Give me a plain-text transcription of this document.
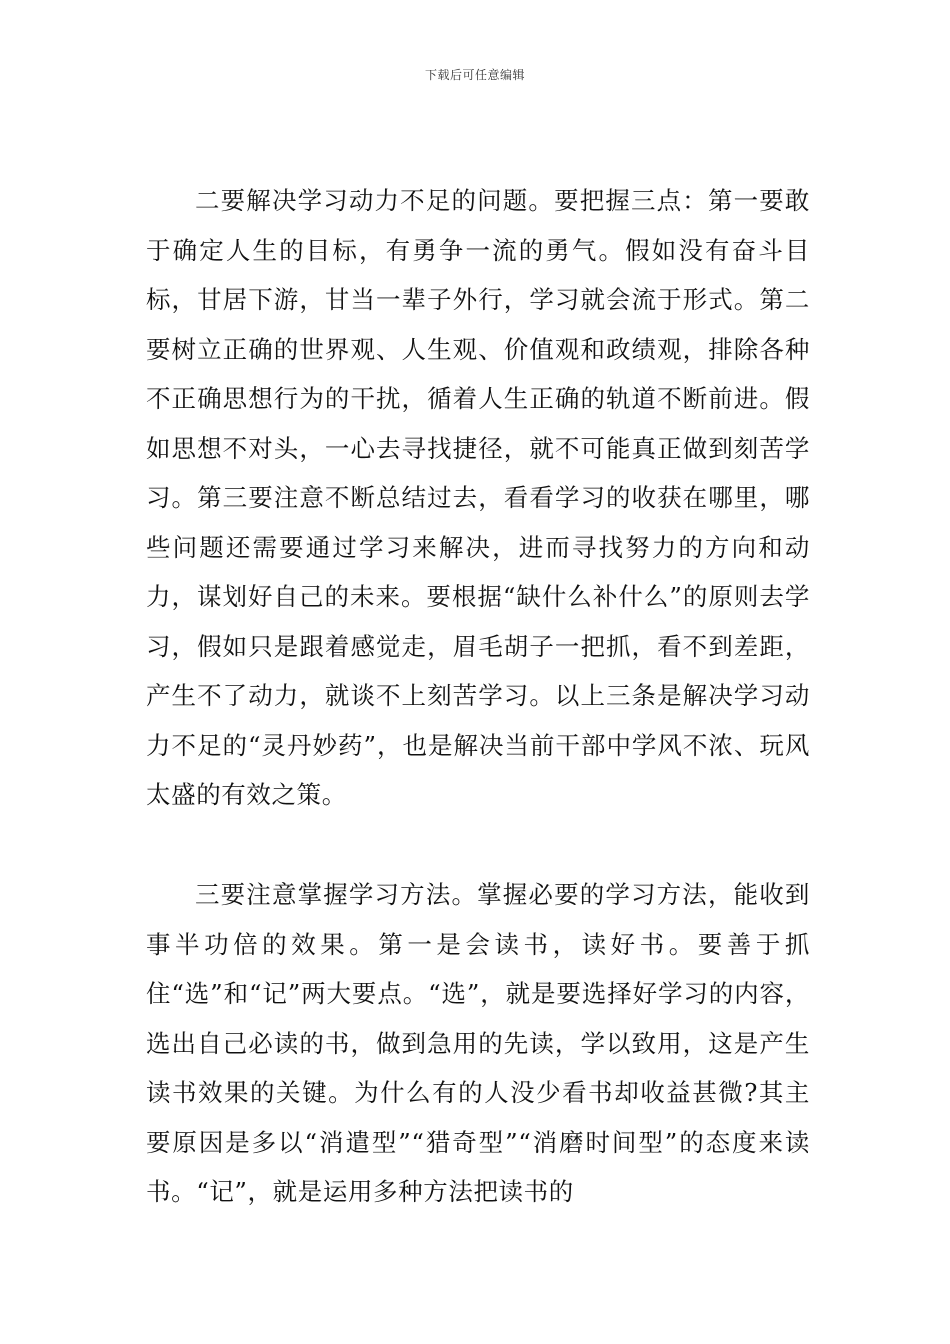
下载后可任意编辑

二要解决学习动力不足的问题。要把握三点：第一要敢于确定人生的目标，有勇争一流的勇气。假如没有奋斗目标，甘居下游，甘当一辈子外行，学习就会流于形式。第二要树立正确的世界观、人生观、价值观和政绩观，排除各种不正确思想行为的干扰，循着人生正确的轨道不断前进。假如思想不对头，一心去寻找捷径，就不可能真正做到刻苦学习。第三要注意不断总结过去，看看学习的收获在哪里，哪些问题还需要通过学习来解决，进而寻找努力的方向和动力，谋划好自己的未来。要根据“缺什么补什么”的原则去学习，假如只是跟着感觉走，眉毛胡子一把抓，看不到差距，产生不了动力，就谈不上刻苦学习。以上三条是解决学习动力不足的“灵丹妙药”，也是解决当前干部中学风不浓、玩风太盛的有效之策。

三要注意掌握学习方法。掌握必要的学习方法，能收到事半功倍的效果。第一是会读书，读好书。要善于抓住“选”和“记”两大要点。“选”，就是要选择好学习的内容，选出自己必读的书，做到急用的先读，学以致用，这是产生读书效果的关键。为什么有的人没少看书却收益甚微?其主要原因是多以“消遣型”“猎奇型”“消磨时间型”的态度来读书。“记”，就是运用多种方法把读书的
